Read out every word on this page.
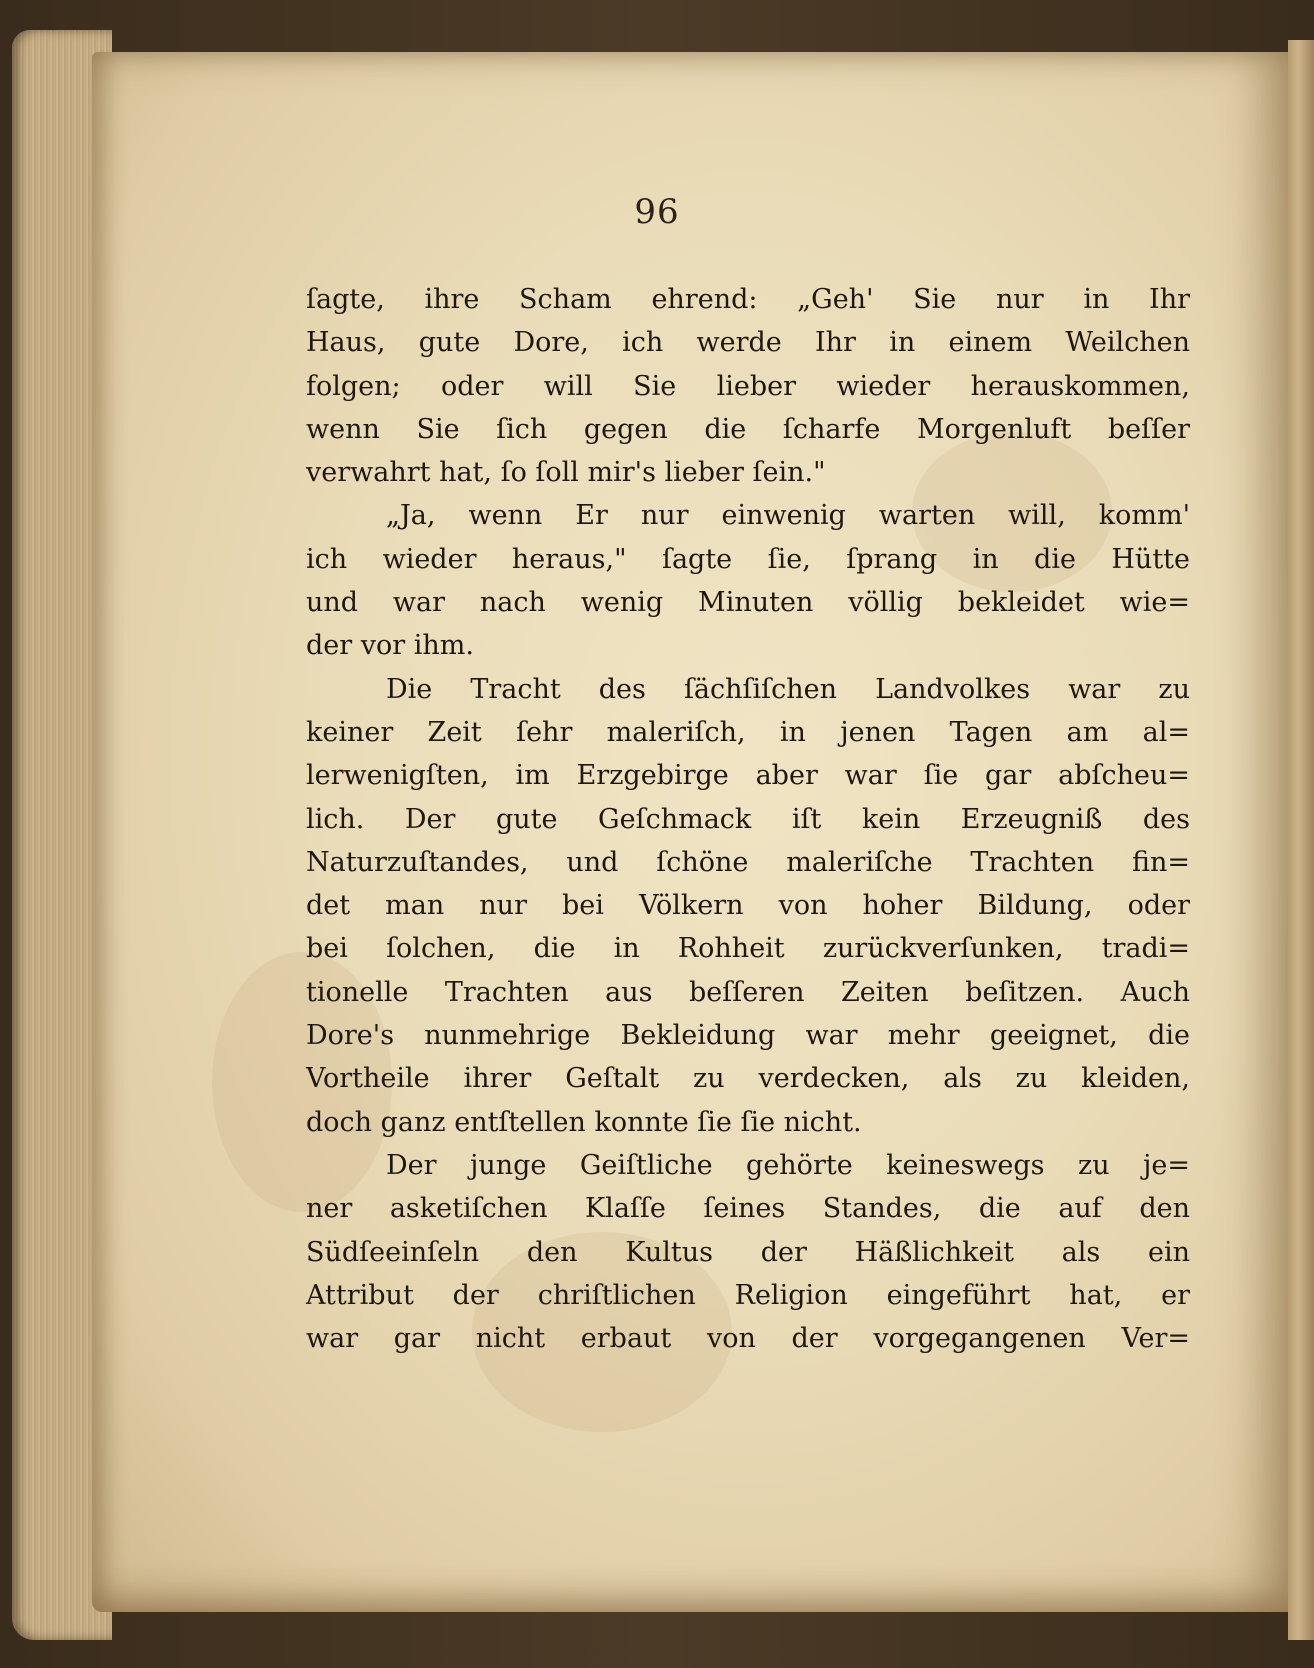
96
ſagte, ihre Scham ehrend: „Geh' Sie nur in Ihr
Haus, gute Dore, ich werde Ihr in einem Weilchen
folgen; oder will Sie lieber wieder herauskommen,
wenn Sie ſich gegen die ſcharfe Morgenluft beſſer
verwahrt hat, ſo ſoll mir's lieber ſein."
„Ja, wenn Er nur einwenig warten will, komm'
ich wieder heraus," ſagte ſie, ſprang in die Hütte
und war nach wenig Minuten völlig bekleidet wie=
der vor ihm.
Die Tracht des ſächſiſchen Landvolkes war zu
keiner Zeit ſehr maleriſch, in jenen Tagen am al=
lerwenigſten, im Erzgebirge aber war ſie gar abſcheu=
lich. Der gute Geſchmack iſt kein Erzeugniß des
Naturzuſtandes, und ſchöne maleriſche Trachten fin=
det man nur bei Völkern von hoher Bildung, oder
bei ſolchen, die in Rohheit zurückverſunken, tradi=
tionelle Trachten aus beſſeren Zeiten beſitzen. Auch
Dore's nunmehrige Bekleidung war mehr geeignet, die
Vortheile ihrer Geſtalt zu verdecken, als zu kleiden,
doch ganz entſtellen konnte ſie ſie nicht.
Der junge Geiſtliche gehörte keineswegs zu je=
ner asketiſchen Klaſſe ſeines Standes, die auf den
Südſeeinſeln den Kultus der Häßlichkeit als ein
Attribut der chriſtlichen Religion eingeführt hat, er
war gar nicht erbaut von der vorgegangenen Ver=
